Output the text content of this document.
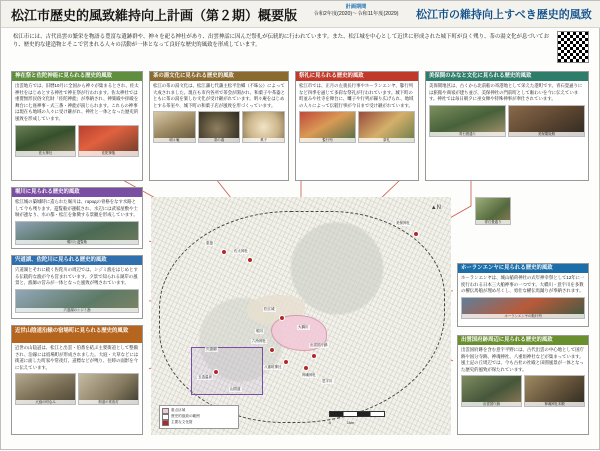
松江市歴史的風致維持向上計画（第２期）概要版
計画期間
令和2年度(2020)～令和11年度(2029)	松江市の維持向上すべき歴史的風致
松江市には、古代出雲の繁栄を物語る豊富な遺跡群や、神々を祀る神社があり、出雲神話に因んだ祭礼が伝統的に行われています。また、松江城を中心として近世に形成された城下町が良く残り、茶の湯文化が息づいており、歴史的な建造物とそこで営まれる人々の活動が一体となって良好な歴史的風致を形成しています。
神在祭と佐陀神能に見られる歴史的風致
出雲地方では、旧暦10月に全国から神々が集まるとされ、佐太神社をはじめとする神社で神在祭が行われます。佐太神社では重要無形民俗文化財「佐陀神能」が奉納され、神楽殿や拝殿を舞台に七座神事・式三番・神能が演じられます。これらの神事は現在も地域の人々に受け継がれ、神社と一体となった歴史的風致を形成しています。
佐太神社	佐陀神能
茶の湯文化に見られる歴史的風致
松江の茶の湯文化は、松江藩七代藩主松平治郷（不昧公）によって大成されました。現在も市内各所で茶会が開かれ、和菓子や茶器とともに茶の湯を楽しむ文化が受け継がれています。明々庵をはじめとする茶室や、城下町の和菓子店が風致を形づくっています。
明々庵	茶の湯	菓子
祭礼に見られる歴史的風致
松江市では、正月の左義長行事やホーランエンヤ、鼕行列など四季を通じて多彩な祭礼が行われています。城下町の町並みや社寺を舞台に、囃子や行列が繰り広げられ、地域の人々によって伝統行事が今日まで受け継がれています。
鼕行列	祭礼
美保関のみなと文化に見られる歴史的風致
美保関地区は、古くから北前船の寄港地として栄えた港町です。青石畳通りには旅館や商家が建ち並び、美保神社の門前町として賑わいを今に伝えています。神社では毎日朝夕に巫女舞や特殊神事が奉仕されています。
青石畳通り	美保関旅館
堀川に見られる歴史的風致
松江城の築城時に造られた堀川は、городの骨格をなす水路として今も残ります。遊覧船が運航され、水辺には武家屋敷や土塀が連なり、水の都・松江を象徴する景観を形成しています。
堀川と遊覧船
宍道湖、佐陀川に見られる歴史的風致
宍道湖とそれに続く佐陀川の周辺では、シジミ漁をはじめとする伝統的な漁が今も営まれています。夕景で知られる湖岸の風景と、漁師の営みが一体となった風致が残されています。
宍道湖のシジミ漁
近世山陰道沿線の宿場町に見られる歴史的風致
近世の山陰道は、松江と出雲・伯耆を結ぶ主要街道として整備され、沿線には宿場町が形成されました。大庭・大草などには街道に面した町家や常夜灯、道標などが残り、往時の面影を今に伝えています。
大庭の町なみ	街道の常夜灯
ホーランエンヤに見られる歴史的風致
ホーランエンヤは、城山稲荷神社の式年神幸祭として12年に一度行われる日本三大船神事の一つです。大橋川・意宇川を多数の櫂伝馬船が埋め尽くし、勇壮な櫂伝馬踊りが奉納されます。
ホーランエンヤの船行列
出雲国府跡周辺に見られる歴史的風致
出雲国府跡を含む意宇平野には、古代出雲の中心地として国庁跡や国分寺跡、神魂神社、八重垣神社などが集まっています。風土記の丘周辺では、今も古社の社殿と田園風景が一体となった歴史的風致が保たれています。
出雲国庁跡	神魂神社本殿
▲N
佐太神社
美保神社
恵曇
松江城
堀川
宍道湖
大橋川
八重垣神社
神魂神社
出雲国庁跡
六所神社
玉造温泉
山陰道
意宇川
0	1km
重点区域
歴史的風致の範囲
主要な文化財
青石畳通り
